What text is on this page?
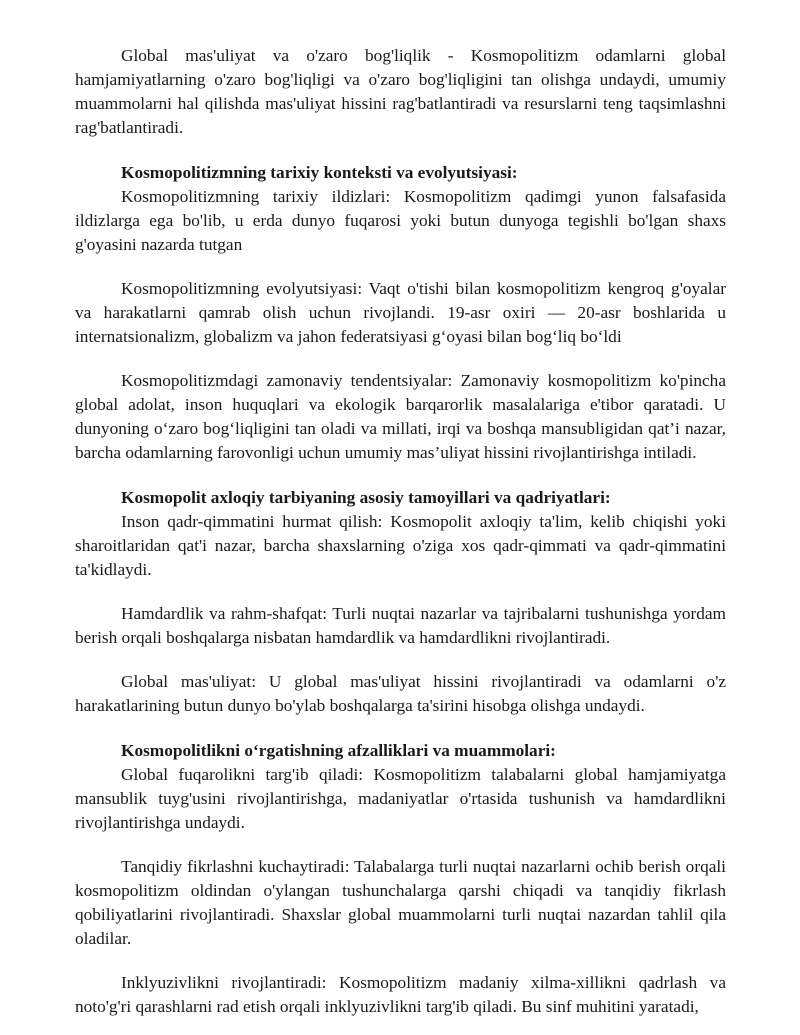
Global mas'uliyat va o'zaro bog'liqlik - Kosmopolitizm odamlarni global hamjamiyatlarning o'zaro bog'liqligi va o'zaro bog'liqligini tan olishga undaydi, umumiy muammolarni hal qilishda mas'uliyat hissini rag'batlantiradi va resurslarni teng taqsimlashni rag'batlantiradi.

Kosmopolitizmning tarixiy konteksti va evolyutsiyasi:

Kosmopolitizmning tarixiy ildizlari: Kosmopolitizm qadimgi yunon falsafasida ildizlarga ega bo'lib, u erda dunyo fuqarosi yoki butun dunyoga tegishli bo'lgan shaxs g'oyasini nazarda tutgan

Kosmopolitizmning evolyutsiyasi: Vaqt o'tishi bilan kosmopolitizm kengroq g'oyalar va harakatlarni qamrab olish uchun rivojlandi. 19-asr oxiri — 20-asr boshlarida u internatsionalizm, globalizm va jahon federatsiyasi g‘oyasi bilan bog‘liq bo‘ldi

Kosmopolitizmdagi zamonaviy tendentsiyalar: Zamonaviy kosmopolitizm ko'pincha global adolat, inson huquqlari va ekologik barqarorlik masalalariga e'tibor qaratadi. U dunyoning o‘zaro bog‘liqligini tan oladi va millati, irqi va boshqa mansubligidan qat’i nazar, barcha odamlarning farovonligi uchun umumiy mas’uliyat hissini rivojlantirishga intiladi.

Kosmopolit axloqiy tarbiyaning asosiy tamoyillari va qadriyatlari:

Inson qadr-qimmatini hurmat qilish: Kosmopolit axloqiy ta'lim, kelib chiqishi yoki sharoitlaridan qat'i nazar, barcha shaxslarning o'ziga xos qadr-qimmati va qadr-qimmatini ta'kidlaydi.

Hamdardlik va rahm-shafqat: Turli nuqtai nazarlar va tajribalarni tushunishga yordam berish orqali boshqalarga nisbatan hamdardlik va hamdardlikni rivojlantiradi.

Global mas'uliyat: U global mas'uliyat hissini rivojlantiradi va odamlarni o'z harakatlarining butun dunyo bo'ylab boshqalarga ta'sirini hisobga olishga undaydi.

Kosmopolitlikni o‘rgatishning afzalliklari va muammolari:

Global fuqarolikni targ'ib qiladi: Kosmopolitizm talabalarni global hamjamiyatga mansublik tuyg'usini rivojlantirishga, madaniyatlar o'rtasida tushunish va hamdardlikni rivojlantirishga undaydi.

Tanqidiy fikrlashni kuchaytiradi: Talabalarga turli nuqtai nazarlarni ochib berish orqali kosmopolitizm oldindan o'ylangan tushunchalarga qarshi chiqadi va tanqidiy fikrlash qobiliyatlarini rivojlantiradi. Shaxslar global muammolarni turli nuqtai nazardan tahlil qila oladilar.

Inklyuzivlikni rivojlantiradi: Kosmopolitizm madaniy xilma-xillikni qadrlash va noto'g'ri qarashlarni rad etish orqali inklyuzivlikni targ'ib qiladi. Bu sinf muhitini yaratadi,
